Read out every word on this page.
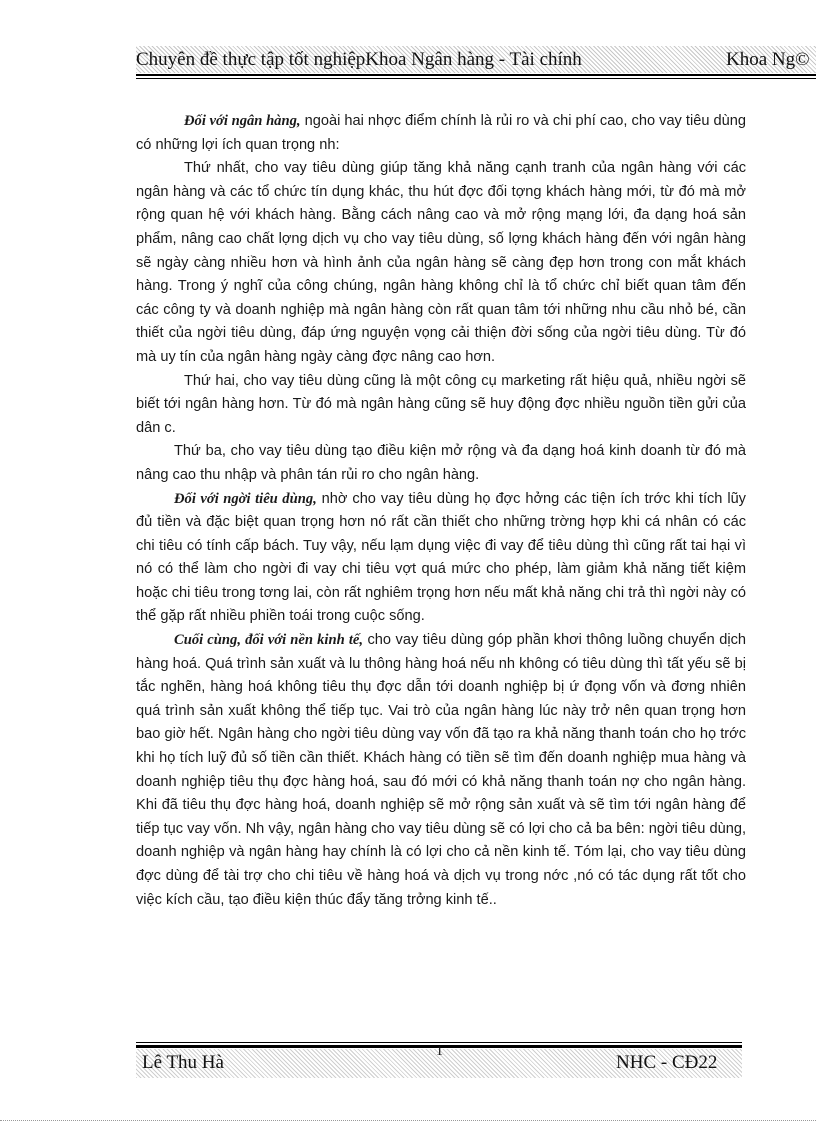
Chuyên đề thực tập tốt nghiệpKhoa Ngân hàng - Tài chính	Khoa Ng©

Đối với ngân hàng, ngoài hai nhợc điểm chính là rủi ro và chi phí cao, cho vay tiêu dùng có những lợi ích quan trọng nh:

Thứ nhất, cho vay tiêu dùng giúp tăng khả năng cạnh tranh của ngân hàng với các ngân hàng và các tổ chức tín dụng khác, thu hút đợc đối tợng khách hàng mới, từ đó mà mở rộng quan hệ với khách hàng. Bằng cách nâng cao và mở rộng mạng lới, đa dạng hoá sản phẩm, nâng cao chất lợng dịch vụ cho vay tiêu dùng, số lợng khách hàng đến với ngân hàng sẽ ngày càng nhiều hơn và hình ảnh của ngân hàng sẽ càng đẹp hơn trong con mắt khách hàng. Trong ý nghĩ của công chúng, ngân hàng không chỉ là tổ chức chỉ biết quan tâm đến các công ty và doanh nghiệp mà ngân hàng còn rất quan tâm tới những nhu cầu nhỏ bé, cần thiết của ngời tiêu dùng, đáp ứng nguyện vọng cải thiện đời sống của ngời tiêu dùng. Từ đó mà uy tín của ngân hàng ngày càng đợc nâng cao hơn.

Thứ hai, cho vay tiêu dùng cũng là một công cụ marketing rất hiệu quả, nhiều ngời sẽ biết tới ngân hàng hơn. Từ đó mà ngân hàng cũng sẽ huy động đợc nhiều nguồn tiền gửi của dân c.

Thứ ba, cho vay tiêu dùng tạo điều kiện mở rộng và đa dạng hoá kinh doanh từ đó mà nâng cao thu nhập và phân tán rủi ro cho ngân hàng.

Đối với ngời tiêu dùng, nhờ cho vay tiêu dùng họ đợc hởng các tiện ích trớc khi tích lũy đủ tiền và đặc biệt quan trọng hơn nó rất cần thiết cho những trờng hợp khi cá nhân có các chi tiêu có tính cấp bách. Tuy vậy, nếu lạm dụng việc đi vay để tiêu dùng thì cũng rất tai hại vì nó có thể làm cho ngời đi vay chi tiêu vợt quá mức cho phép, làm giảm khả năng tiết kiệm hoặc chi tiêu trong tơng lai, còn rất nghiêm trọng hơn nếu mất khả năng chi trả thì ngời này có thể gặp rất nhiều phiền toái trong cuộc sống.

Cuối cùng, đối với nền kinh tế, cho vay tiêu dùng góp phần khơi thông luồng chuyển dịch hàng hoá. Quá trình sản xuất và lu thông hàng hoá nếu nh không có tiêu dùng thì tất yếu sẽ bị tắc nghẽn, hàng hoá không tiêu thụ đợc dẫn tới doanh nghiệp bị ứ đọng vốn và đơng nhiên quá trình sản xuất không thể tiếp tục. Vai trò của ngân hàng lúc này trở nên quan trọng hơn bao giờ hết. Ngân hàng cho ngời tiêu dùng vay vốn đã tạo ra khả năng thanh toán cho họ trớc khi họ tích luỹ đủ số tiền cần thiết. Khách hàng có tiền sẽ tìm đến doanh nghiệp mua hàng và doanh nghiệp tiêu thụ đợc hàng hoá, sau đó mới có khả năng thanh toán nợ cho ngân hàng. Khi đã tiêu thụ đợc hàng hoá, doanh nghiệp sẽ mở rộng sản xuất và sẽ tìm tới ngân hàng để tiếp tục vay vốn. Nh vậy, ngân hàng cho vay tiêu dùng sẽ có lợi cho cả ba bên: ngời tiêu dùng, doanh nghiệp và ngân hàng hay chính là có lợi cho cả nền kinh tế. Tóm lại, cho vay tiêu dùng đợc dùng để tài trợ cho chi tiêu về hàng hoá và dịch vụ trong nớc ,nó có tác dụng rất tốt cho việc kích cầu, tạo điều kiện thúc đẩy tăng trởng kinh tế..

1
Lê Thu Hà	NHC - CĐ22
